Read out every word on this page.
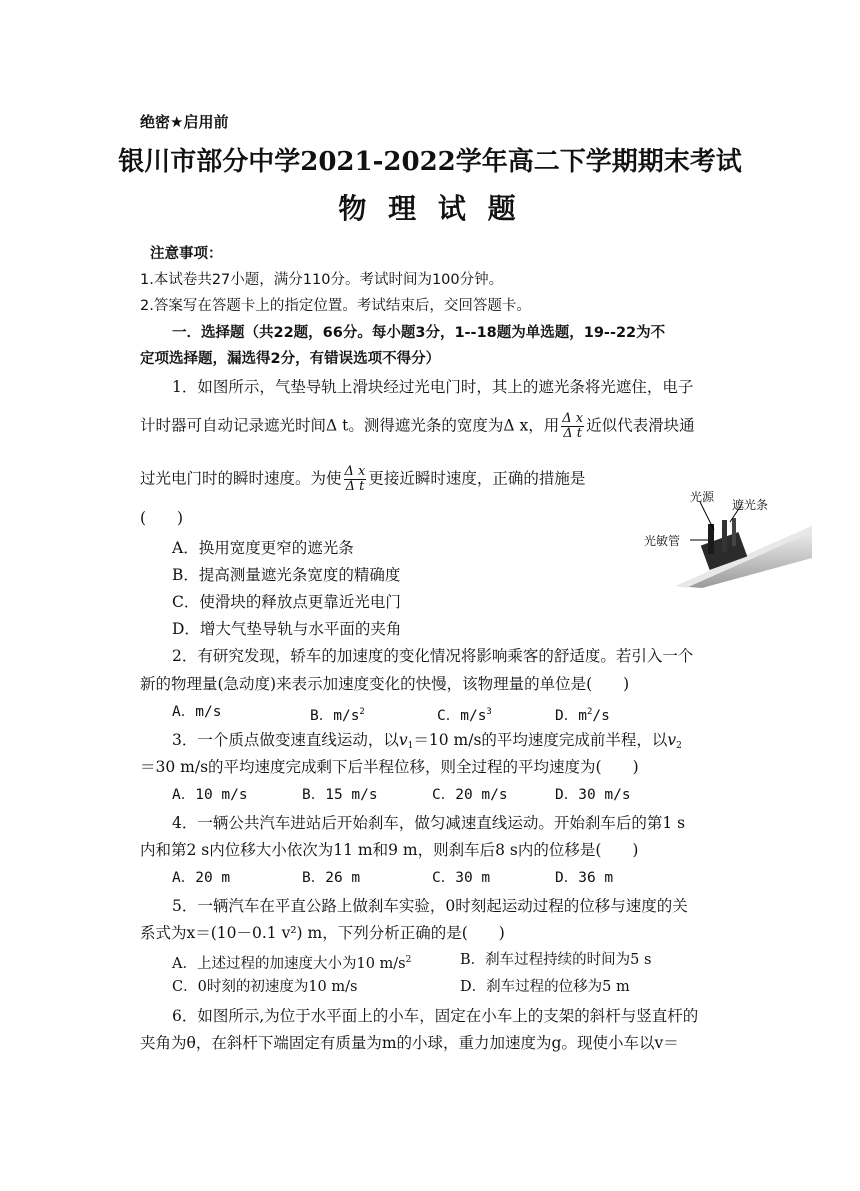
绝密★启用前
银川市部分中学2021-2022学年高二下学期期末考试
物 理 试 题
注意事项：
1.本试卷共27小题，满分110分。考试时间为100分钟。
2.答案写在答题卡上的指定位置。考试结束后，交回答题卡。
一．选择题（共22题，66分。每小题3分，1--18题为单选题，19--22为不
定项选择题，漏选得2分，有错误选项不得分）
1．如图所示，气垫导轨上滑块经过光电门时，其上的遮光条将光遮住，电子
计时器可自动记录遮光时间Δ t。测得遮光条的宽度为Δ x，用 $\frac{\text{Δ x}}{\text{Δ t}}$ 近似代表滑块通
过光电门时的瞬时速度。为使 $\frac{\text{Δ x}}{\text{Δ t}}$ 更接近瞬时速度，正确的措施是
(　　)
A．换用宽度更窄的遮光条
B．提高测量遮光条宽度的精确度
C．使滑块的释放点更靠近光电门
D．增大气垫导轨与水平面的夹角
光源
遮光条
光敏管
2．有研究发现，轿车的加速度的变化情况将影响乘客的舒适度。若引入一个
新的物理量(急动度)来表示加速度变化的快慢，该物理量的单位是(　　)
A．m/s	B．$m/s^2$	C．$m/s^3$	D．$m^2/s$
3．一个质点做变速直线运动，以$v_1=10$ m/s的平均速度完成前半程，以$v_2$
＝30 m/s的平均速度完成剩下后半程位移，则全过程的平均速度为(　　)
A．10 m/s	B．15 m/s	C．20 m/s	D．30 m/s
4．一辆公共汽车进站后开始刹车，做匀减速直线运动。开始刹车后的第1 s
内和第2 s内位移大小依次为11 m和9 m，则刹车后8 s内的位移是(　　)
A．20 m	B．26 m	C．30 m	D．36 m
5．一辆汽车在平直公路上做刹车实验，0时刻起运动过程的位移与速度的关
系式为x＝(10－0.1 v²) m，下列分析正确的是(　　)
A．上述过程的加速度大小为10 $m/s^2$	B．刹车过程持续的时间为5 s
C．0时刻的初速度为10 m/s	D．刹车过程的位移为5 m
6．如图所示,为位于水平面上的小车，固定在小车上的支架的斜杆与竖直杆的
夹角为θ，在斜杆下端固定有质量为m的小球，重力加速度为g。现使小车以v＝
